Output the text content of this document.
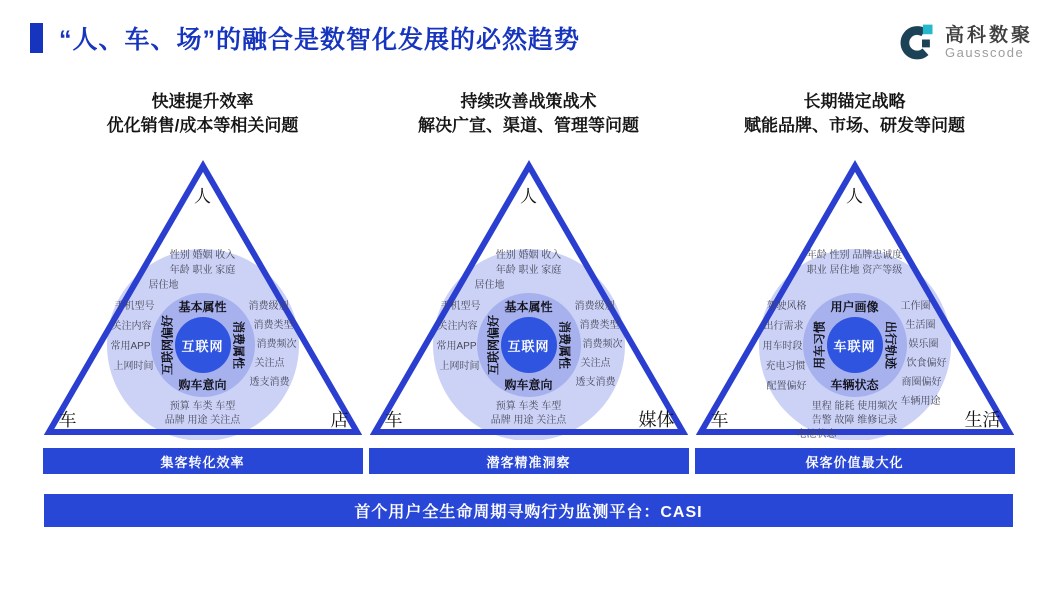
“人、车、场”的融合是数智化发展的必然趋势	高科数聚
Gausscode
快速提升效率
优化销售/成本等相关问题
互联网
人
车	店
性别 婚姻 收入
年龄 职业 家庭
居住地
手机型号
关注内容
常用APP
上网时间
消费级别
消费类型
消费频次
关注点
透支消费
预算 车类 车型
品牌 用途 关注点
基本属性
购车意向
互联网偏好	消费属性
集客转化效率
持续改善战策战术
解决广宣、渠道、管理等问题
互联网
人
车	媒体
性别 婚姻 收入
年龄 职业 家庭
居住地
手机型号
关注内容
常用APP
上网时间
消费级别
消费类型
消费频次
关注点
透支消费
预算 车类 车型
品牌 用途 关注点
基本属性
购车意向
互联网偏好	消费属性
潜客精准洞察
长期锚定战略
赋能品牌、市场、研发等问题
车联网
人
车	生活
年龄 性别 品牌忠诚度
职业 居住地 资产等级
驾驶风格
出行需求
用车时段
充电习惯
配置偏好
工作圈
生活圈
娱乐圈
饮食偏好
商圈偏好
车辆用途
里程 能耗 使用频次
告警 故障 维修记录
电池状态
用户画像
车辆状态
用车习惯	出行轨迹
保客价值最大化
首个用户全生命周期寻购行为监测平台：CASI
